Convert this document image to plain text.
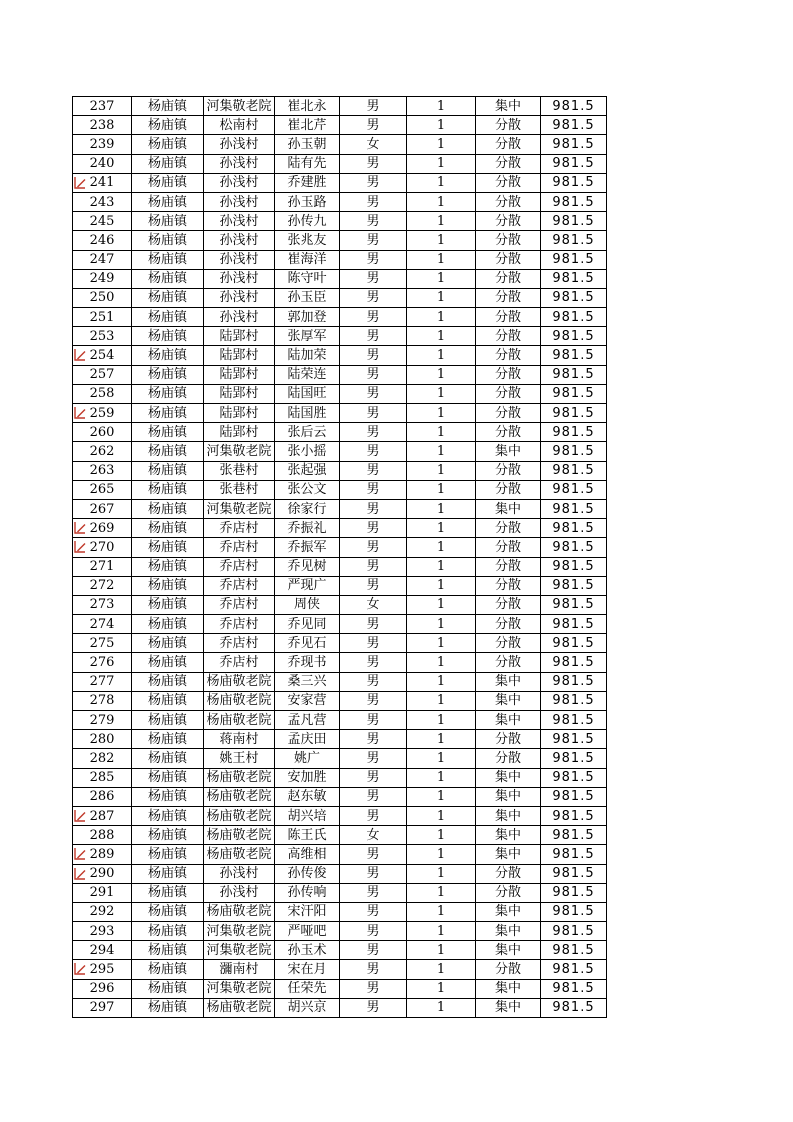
237	杨庙镇	河集敬老院	崔北永	男	1	集中	981.5
238	杨庙镇	松南村	崔北芹	男	1	分散	981.5
239	杨庙镇	孙浅村	孙玉朝	女	1	分散	981.5
240	杨庙镇	孙浅村	陆有先	男	1	分散	981.5

241	杨庙镇	孙浅村	乔建胜	男	1	分散	981.5
243	杨庙镇	孙浅村	孙玉路	男	1	分散	981.5
245	杨庙镇	孙浅村	孙传九	男	1	分散	981.5
246	杨庙镇	孙浅村	张兆友	男	1	分散	981.5
247	杨庙镇	孙浅村	崔海洋	男	1	分散	981.5
249	杨庙镇	孙浅村	陈守叶	男	1	分散	981.5
250	杨庙镇	孙浅村	孙玉臣	男	1	分散	981.5
251	杨庙镇	孙浅村	郭加登	男	1	分散	981.5
253	杨庙镇	陆郢村	张厚军	男	1	分散	981.5

254	杨庙镇	陆郢村	陆加荣	男	1	分散	981.5
257	杨庙镇	陆郢村	陆荣连	男	1	分散	981.5
258	杨庙镇	陆郢村	陆国旺	男	1	分散	981.5

259	杨庙镇	陆郢村	陆国胜	男	1	分散	981.5
260	杨庙镇	陆郢村	张后云	男	1	分散	981.5
262	杨庙镇	河集敬老院	张小摇	男	1	集中	981.5
263	杨庙镇	张巷村	张起强	男	1	分散	981.5
265	杨庙镇	张巷村	张公文	男	1	分散	981.5
267	杨庙镇	河集敬老院	徐家行	男	1	集中	981.5

269	杨庙镇	乔店村	乔振礼	男	1	分散	981.5

270	杨庙镇	乔店村	乔振军	男	1	分散	981.5
271	杨庙镇	乔店村	乔见树	男	1	分散	981.5
272	杨庙镇	乔店村	严现广	男	1	分散	981.5
273	杨庙镇	乔店村	周侠	女	1	分散	981.5
274	杨庙镇	乔店村	乔见同	男	1	分散	981.5
275	杨庙镇	乔店村	乔见石	男	1	分散	981.5
276	杨庙镇	乔店村	乔现书	男	1	分散	981.5
277	杨庙镇	杨庙敬老院	桑三兴	男	1	集中	981.5
278	杨庙镇	杨庙敬老院	安家营	男	1	集中	981.5
279	杨庙镇	杨庙敬老院	孟凡营	男	1	集中	981.5
280	杨庙镇	蒋南村	孟庆田	男	1	分散	981.5
282	杨庙镇	姚王村	姚广	男	1	分散	981.5
285	杨庙镇	杨庙敬老院	安加胜	男	1	集中	981.5
286	杨庙镇	杨庙敬老院	赵东敏	男	1	集中	981.5

287	杨庙镇	杨庙敬老院	胡兴培	男	1	集中	981.5
288	杨庙镇	杨庙敬老院	陈王氏	女	1	集中	981.5

289	杨庙镇	杨庙敬老院	高维相	男	1	集中	981.5

290	杨庙镇	孙浅村	孙传俊	男	1	分散	981.5
291	杨庙镇	孙浅村	孙传响	男	1	分散	981.5
292	杨庙镇	杨庙敬老院	宋汗阳	男	1	集中	981.5
293	杨庙镇	河集敬老院	严哑吧	男	1	集中	981.5
294	杨庙镇	河集敬老院	孙玉术	男	1	集中	981.5

295	杨庙镇	瀰南村	宋在月	男	1	分散	981.5
296	杨庙镇	河集敬老院	任荣先	男	1	集中	981.5
297	杨庙镇	杨庙敬老院	胡兴京	男	1	集中	981.5
